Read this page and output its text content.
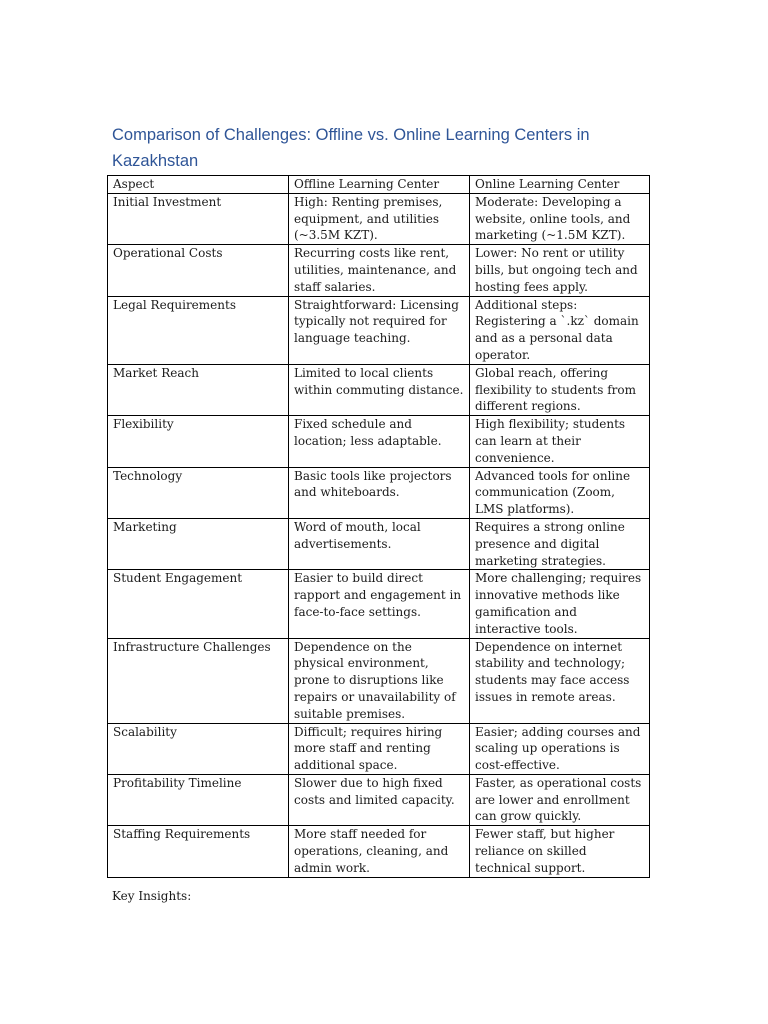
Comparison of Challenges: Offline vs. Online Learning Centers in Kazakhstan
Aspect	Offline Learning Center	Online Learning Center
Initial Investment	High: Renting premises, equipment, and utilities (~3.5M KZT).	Moderate: Developing a website, online tools, and marketing (~1.5M KZT).
Operational Costs	Recurring costs like rent, utilities, maintenance, and staff salaries.	Lower: No rent or utility bills, but ongoing tech and hosting fees apply.
Legal Requirements	Straightforward: Licensing typically not required for language teaching.	Additional steps: Registering a `.kz` domain and as a personal data operator.
Market Reach	Limited to local clients within commuting distance.	Global reach, offering flexibility to students from different regions.
Flexibility	Fixed schedule and location; less adaptable.	High flexibility; students can learn at their convenience.
Technology	Basic tools like projectors and whiteboards.	Advanced tools for online communication (Zoom, LMS platforms).
Marketing	Word of mouth, local advertisements.	Requires a strong online presence and digital marketing strategies.
Student Engagement	Easier to build direct rapport and engagement in face-to-face settings.	More challenging; requires innovative methods like gamification and interactive tools.
Infrastructure Challenges	Dependence on the physical environment, prone to disruptions like repairs or unavailability of suitable premises.	Dependence on internet stability and technology; students may face access issues in remote areas.
Scalability	Difficult; requires hiring more staff and renting additional space.	Easier; adding courses and scaling up operations is cost-effective.
Profitability Timeline	Slower due to high fixed costs and limited capacity.	Faster, as operational costs are lower and enrollment can grow quickly.
Staffing Requirements	More staff needed for operations, cleaning, and admin work.	Fewer staff, but higher reliance on skilled technical support.

Key Insights:
